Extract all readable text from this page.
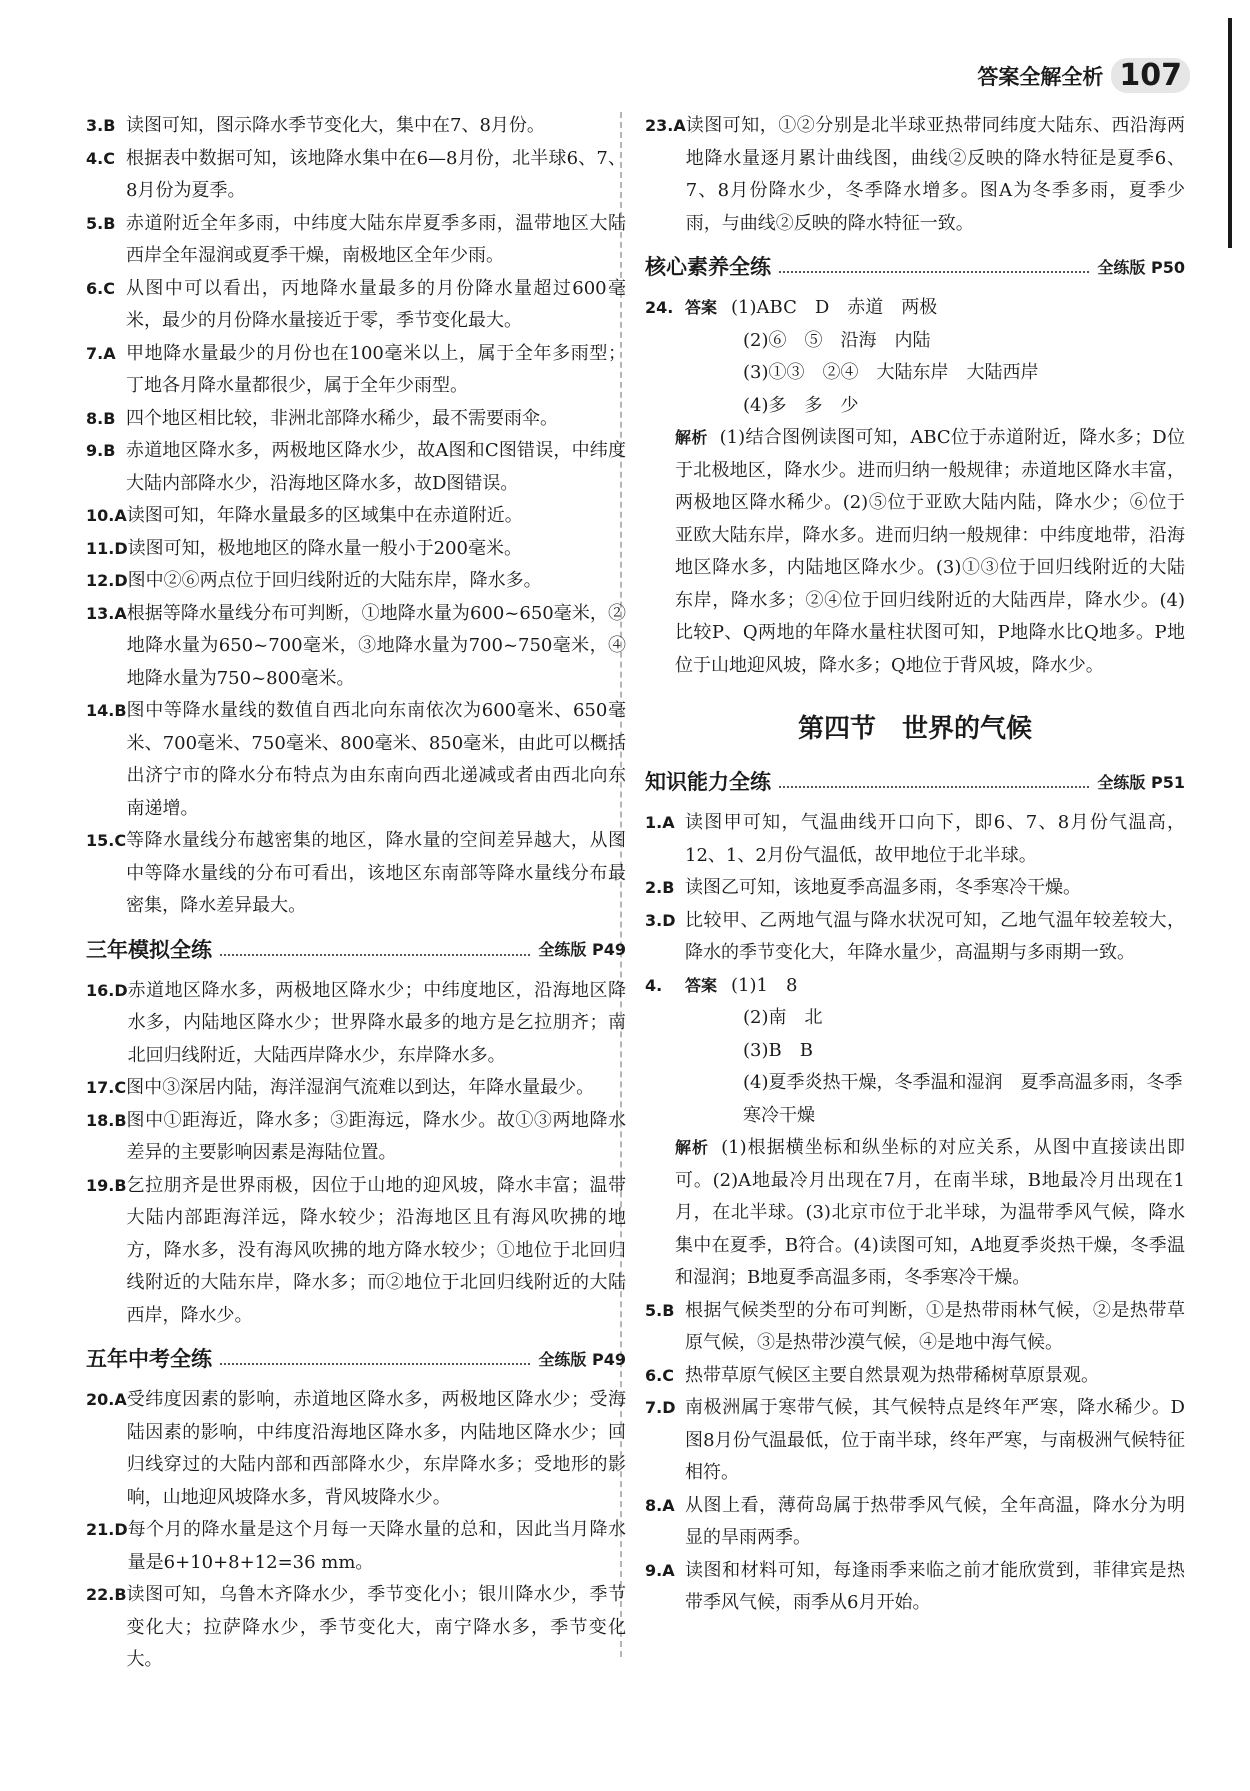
答案全解全析 107
3.B 读图可知，图示降水季节变化大，集中在7、8月份。
4.C 根据表中数据可知，该地降水集中在6—8月份，北半球6、7、8月份为夏季。
5.B 赤道附近全年多雨，中纬度大陆东岸夏季多雨，温带地区大陆西岸全年湿润或夏季干燥，南极地区全年少雨。
6.C 从图中可以看出，丙地降水量最多的月份降水量超过600毫米，最少的月份降水量接近于零，季节变化最大。
7.A 甲地降水量最少的月份也在100毫米以上，属于全年多雨型；丁地各月降水量都很少，属于全年少雨型。
8.B 四个地区相比较，非洲北部降水稀少，最不需要雨伞。
9.B 赤道地区降水多，两极地区降水少，故A图和C图错误，中纬度大陆内部降水少，沿海地区降水多，故D图错误。
10.A 读图可知，年降水量最多的区域集中在赤道附近。
11.D 读图可知，极地地区的降水量一般小于200毫米。
12.D 图中②⑥两点位于回归线附近的大陆东岸，降水多。
13.A 根据等降水量线分布可判断，①地降水量为600~650毫米，②地降水量为650~700毫米，③地降水量为700~750毫米，④地降水量为750~800毫米。
14.B 图中等降水量线的数值自西北向东南依次为600毫米、650毫米、700毫米、750毫米、800毫米、850毫米，由此可以概括出济宁市的降水分布特点为由东南向西北递减或者由西北向东南递增。
15.C 等降水量线分布越密集的地区，降水量的空间差异越大，从图中等降水量线的分布可看出，该地区东南部等降水量线分布最密集，降水差异最大。
三年模拟全练	全练版 P49
16.D 赤道地区降水多，两极地区降水少；中纬度地区，沿海地区降水多，内陆地区降水少；世界降水最多的地方是乞拉朋齐；南北回归线附近，大陆西岸降水少，东岸降水多。
17.C 图中③深居内陆，海洋湿润气流难以到达，年降水量最少。
18.B 图中①距海近，降水多；③距海远，降水少。故①③两地降水差异的主要影响因素是海陆位置。
19.B 乞拉朋齐是世界雨极，因位于山地的迎风坡，降水丰富；温带大陆内部距海洋远，降水较少；沿海地区且有海风吹拂的地方，降水多，没有海风吹拂的地方降水较少；①地位于北回归线附近的大陆东岸，降水多；而②地位于北回归线附近的大陆西岸，降水少。
五年中考全练	全练版 P49
20.A 受纬度因素的影响，赤道地区降水多，两极地区降水少；受海陆因素的影响，中纬度沿海地区降水多，内陆地区降水少；回归线穿过的大陆内部和西部降水少，东岸降水多；受地形的影响，山地迎风坡降水多，背风坡降水少。
21.D 每个月的降水量是这个月每一天降水量的总和，因此当月降水量是6+10+8+12=36 mm。
22.B 读图可知，乌鲁木齐降水少，季节变化小；银川降水少，季节变化大；拉萨降水少，季节变化大，南宁降水多，季节变化大。
23.A 读图可知，①②分别是北半球亚热带同纬度大陆东、西沿海两地降水量逐月累计曲线图，曲线②反映的降水特征是夏季6、7、8月份降水少，冬季降水增多。图A为冬季多雨，夏季少雨，与曲线②反映的降水特征一致。
核心素养全练	全练版 P50
24. 答案 (1)ABC　D　赤道　两极
(2)⑥　⑤　沿海　内陆
(3)①③　②④　大陆东岸　大陆西岸
(4)多　多　少
解析 (1)结合图例读图可知，ABC位于赤道附近，降水多；D位于北极地区，降水少。进而归纳一般规律；赤道地区降水丰富，两极地区降水稀少。(2)⑤位于亚欧大陆内陆，降水少；⑥位于亚欧大陆东岸，降水多。进而归纳一般规律：中纬度地带，沿海地区降水多，内陆地区降水少。(3)①③位于回归线附近的大陆东岸，降水多；②④位于回归线附近的大陆西岸，降水少。(4)比较P、Q两地的年降水量柱状图可知，P地降水比Q地多。P地位于山地迎风坡，降水多；Q地位于背风坡，降水少。
第四节　世界的气候
知识能力全练	全练版 P51
1.A 读图甲可知，气温曲线开口向下，即6、7、8月份气温高，12、1、2月份气温低，故甲地位于北半球。
2.B 读图乙可知，该地夏季高温多雨，冬季寒冷干燥。
3.D 比较甲、乙两地气温与降水状况可知，乙地气温年较差较大，降水的季节变化大，年降水量少，高温期与多雨期一致。
4.	答案 (1)1　8
(2)南　北
(3)B　B
(4)夏季炎热干燥，冬季温和湿润　夏季高温多雨，冬季寒冷干燥
解析 (1)根据横坐标和纵坐标的对应关系，从图中直接读出即可。(2)A地最冷月出现在7月，在南半球，B地最冷月出现在1月，在北半球。(3)北京市位于北半球，为温带季风气候，降水集中在夏季，B符合。(4)读图可知，A地夏季炎热干燥，冬季温和湿润；B地夏季高温多雨，冬季寒冷干燥。
5.B 根据气候类型的分布可判断，①是热带雨林气候，②是热带草原气候，③是热带沙漠气候，④是地中海气候。
6.C 热带草原气候区主要自然景观为热带稀树草原景观。
7.D 南极洲属于寒带气候，其气候特点是终年严寒，降水稀少。D图8月份气温最低，位于南半球，终年严寒，与南极洲气候特征相符。
8.A 从图上看，薄荷岛属于热带季风气候，全年高温，降水分为明显的旱雨两季。
9.A 读图和材料可知，每逢雨季来临之前才能欣赏到，菲律宾是热带季风气候，雨季从6月开始。
